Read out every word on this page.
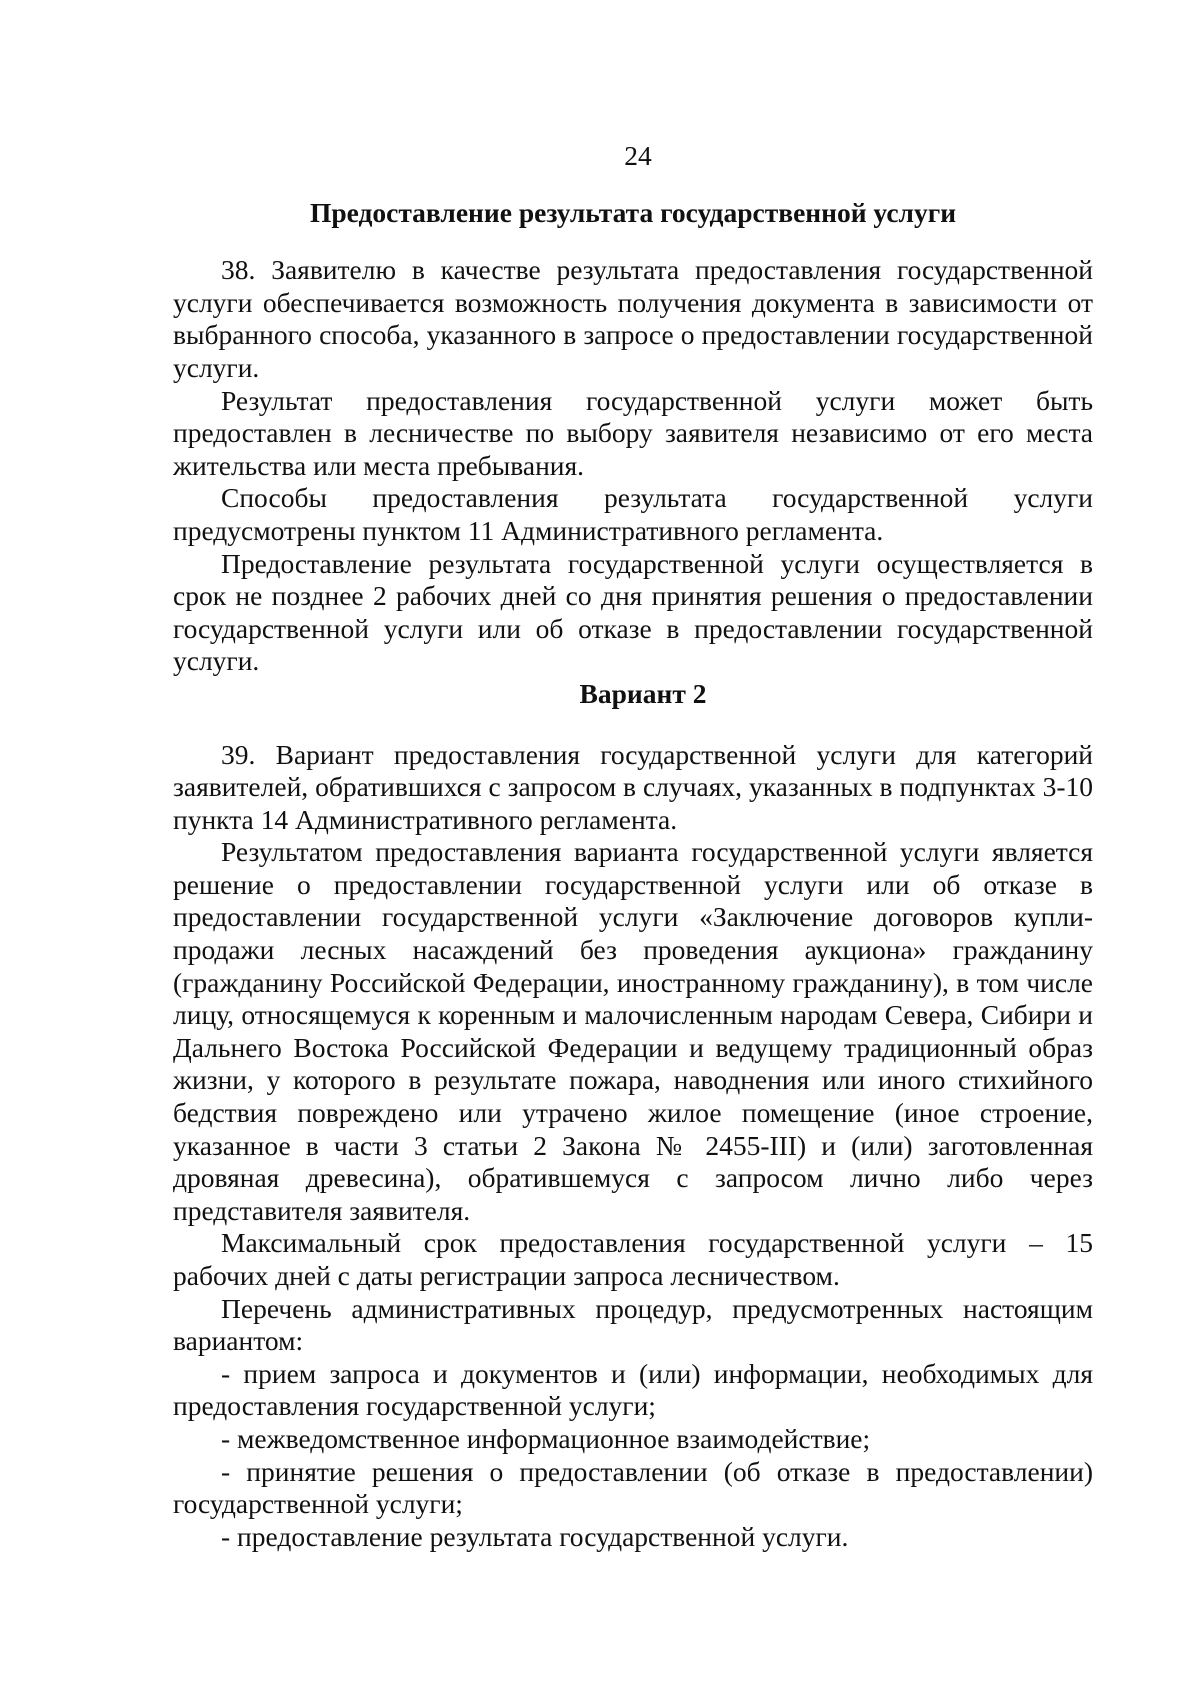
24
Предоставление результата государственной услуги

38. Заявителю в качестве результата предоставления государственной услуги обеспечивается возможность получения документа в зависимости от выбранного способа, указанного в запросе о предоставлении государственной услуги.

Результат предоставления государственной услуги может быть предоставлен в лесничестве по выбору заявителя независимо от его места жительства или места пребывания.

Способы предоставления результата государственной услуги предусмотрены пунктом 11 Административного регламента.

Предоставление результата государственной услуги осуществляется в срок не позднее 2 рабочих дней со дня принятия решения о предоставлении государственной услуги или об отказе в предоставлении государственной услуги.

Вариант 2

39. Вариант предоставления государственной услуги для категорий заявителей, обратившихся с запросом в случаях, указанных в подпунктах 3-10 пункта 14 Административного регламента.

Результатом предоставления варианта государственной услуги является решение о предоставлении государственной услуги или об отказе в предоставлении государственной услуги «Заключение договоров купли-продажи лесных насаждений без проведения аукциона» гражданину (гражданину Российской Федерации, иностранному гражданину), в том числе лицу, относящемуся к коренным и малочисленным народам Севера, Сибири и Дальнего Востока Российской Федерации и ведущему традиционный образ жизни, у которого в результате пожара, наводнения или иного стихийного бедствия повреждено или утрачено жилое помещение (иное строение, указанное в части 3 статьи 2 Закона № 2455-III) и (или) заготовленная дровяная древесина), обратившемуся с запросом лично либо через представителя заявителя.

Максимальный срок предоставления государственной услуги – 15 рабочих дней с даты регистрации запроса лесничеством.

Перечень административных процедур, предусмотренных настоящим вариантом:

- прием запроса и документов и (или) информации, необходимых для предоставления государственной услуги;

- межведомственное информационное взаимодействие;

- принятие решения о предоставлении (об отказе в предоставлении) государственной услуги;

- предоставление результата государственной услуги.
